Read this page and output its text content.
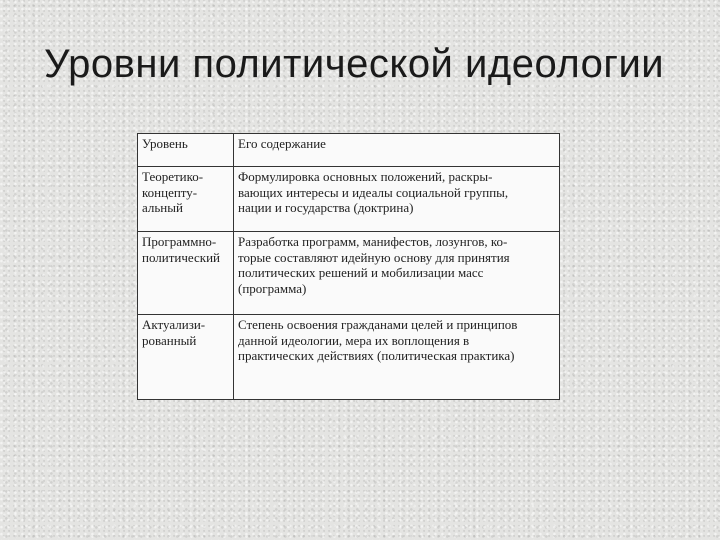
Уровни политической идеологии
Уровень	Его содержание

Теоретико-
концепту-
альный	Формулировка основных положений, раскры-
вающих интересы и идеалы социальной группы,
нации и государства (доктрина)

Программно-
политический	Разработка программ, манифестов, лозунгов, ко-
торые составляют идейную основу для принятия
политических решений и мобилизации масс
(программа)

Актуализи-
рованный	Степень освоения гражданами целей и принципов
данной идеологии, мера их воплощения в
практических действиях (политическая практика)
